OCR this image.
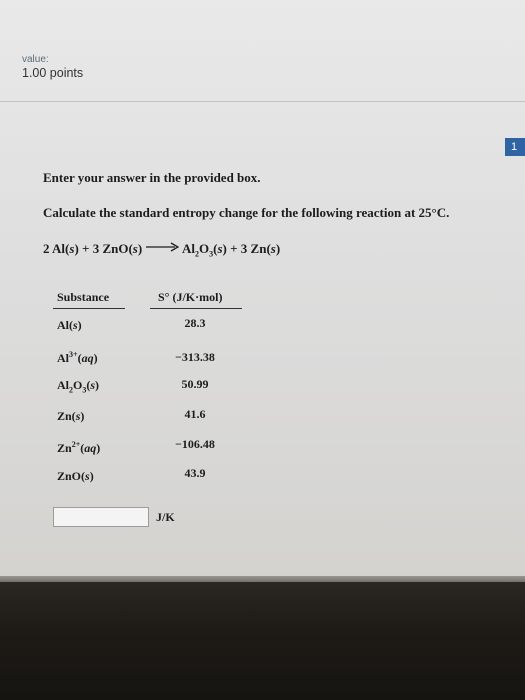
value:
1.00 points
1
Enter your answer in the provided box.
Calculate the standard entropy change for the following reaction at 25°C.
2 Al(s) + 3 $ZnO(s) \to Al_2O_3(s) + 3$ Zn(s)
Substance	S° (J/K·mol)
Al(s)	28.3
$Al^{3+}(aq)$	−313.38
$Al_2O_3(s)$	50.99
Zn(s)	41.6
$Zn^{2+}(aq)$	−106.48
ZnO(s)	43.9
J/K
